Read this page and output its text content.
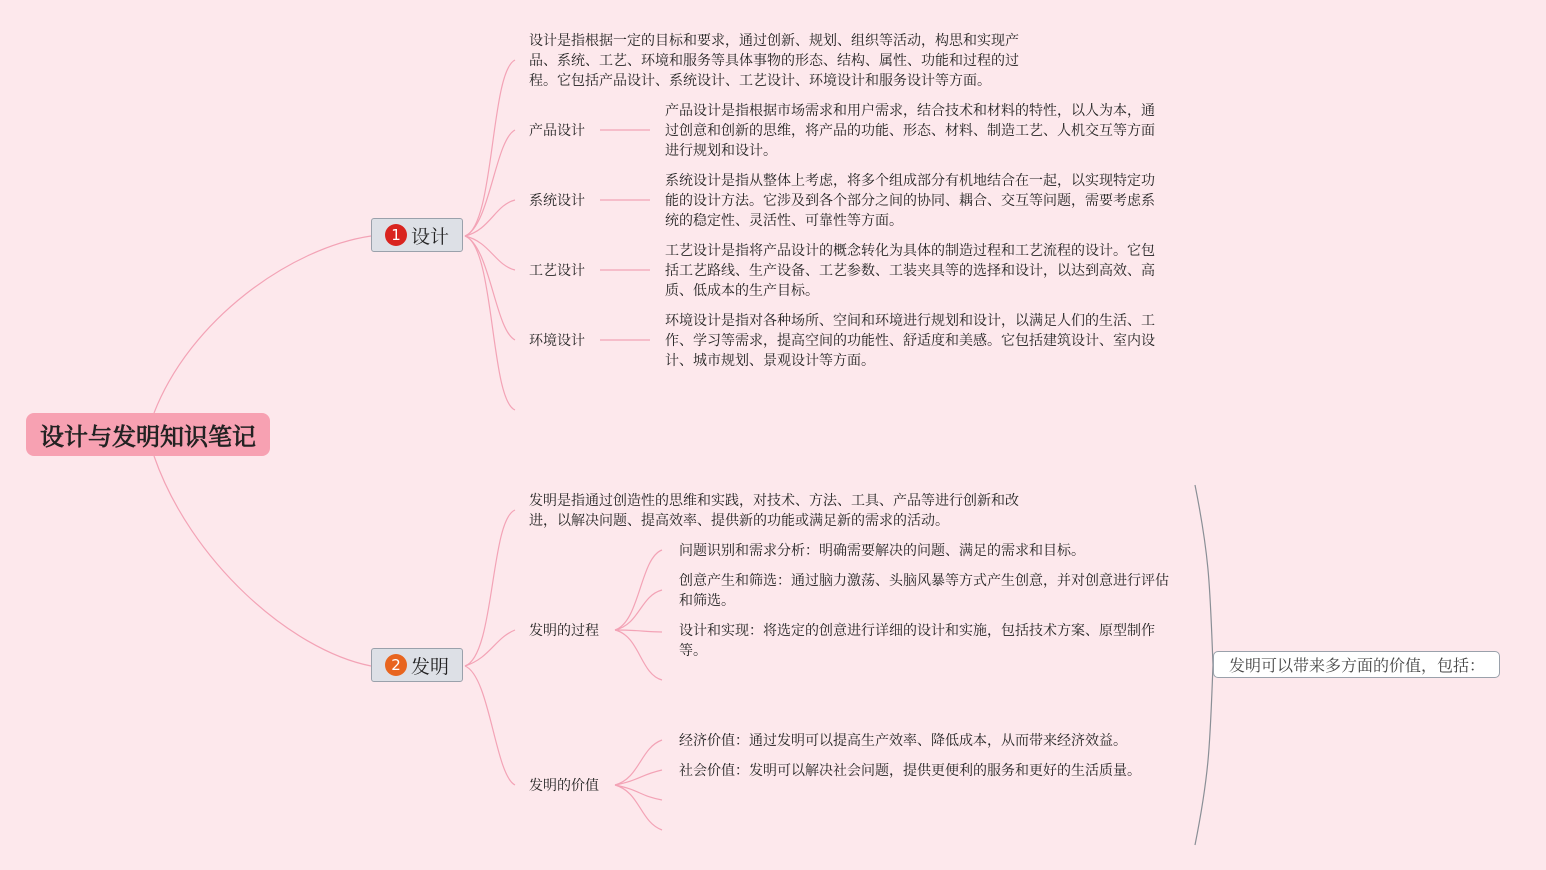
设计与发明知识笔记
1 设计
设计是指根据一定的目标和要求，通过创新、规划、组织等活动，构思和实现产品、系统、工艺、环境和服务等具体事物的形态、结构、属性、功能和过程的过程。它包括产品设计、系统设计、工艺设计、环境设计和服务设计等方面。
产品设计
产品设计是指根据市场需求和用户需求，结合技术和材料的特性，以人为本，通过创意和创新的思维，将产品的功能、形态、材料、制造工艺、人机交互等方面进行规划和设计。
系统设计
系统设计是指从整体上考虑，将多个组成部分有机地结合在一起，以实现特定功能的设计方法。它涉及到各个部分之间的协同、耦合、交互等问题，需要考虑系统的稳定性、灵活性、可靠性等方面。
工艺设计
工艺设计是指将产品设计的概念转化为具体的制造过程和工艺流程的设计。它包括工艺路线、生产设备、工艺参数、工装夹具等的选择和设计，以达到高效、高质、低成本的生产目标。
环境设计
环境设计是指对各种场所、空间和环境进行规划和设计，以满足人们的生活、工作、学习等需求，提高空间的功能性、舒适度和美感。它包括建筑设计、室内设计、城市规划、景观设计等方面。
2 发明
发明是指通过创造性的思维和实践，对技术、方法、工具、产品等进行创新和改进，以解决问题、提高效率、提供新的功能或满足新的需求的活动。
发明的过程
问题识别和需求分析：明确需要解决的问题、满足的需求和目标。
创意产生和筛选：通过脑力激荡、头脑风暴等方式产生创意，并对创意进行评估和筛选。
设计和实现：将选定的创意进行详细的设计和实施，包括技术方案、原型制作等。
发明的价值
经济价值：通过发明可以提高生产效率、降低成本，从而带来经济效益。
社会价值：发明可以解决社会问题，提供更便利的服务和更好的生活质量。
发明可以带来多方面的价值，包括：
